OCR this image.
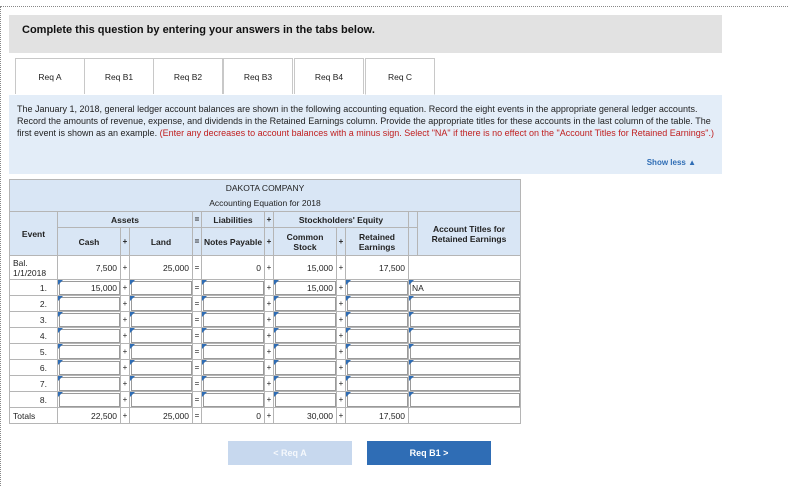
Complete this question by entering your answers in the tabs below.
Req A	Req B1	Req B2	Req B3	Req B4	Req C

The January 1, 2018, general ledger account balances are shown in the following accounting equation. Record the eight events in the appropriate general ledger accounts. Record the amounts of revenue, expense, and dividends in the Retained Earnings column. Provide the appropriate titles for these accounts in the last column of the table. The first event is shown as an example. (Enter any decreases to account balances with a minus sign. Select "NA" if there is no effect on the "Account Titles for Retained Earnings".)

Show less ▲
DAKOTA COMPANY											
Accounting Equation for 2018											
Event	Assets			=	Liabilities	+	Stockholders' Equity				Account Titles for Retained Earnings
	Cash	+	Land	=	Notes Payable	+	Common Stock	+	Retained Earnings		
Bal. 1/1/2018	7,500	+	25,000	=	0	+	15,000	+	17,500		
1.	15,000	+		=		+	15,000	+		NA	
2.		+		=		+		+			
3.		+		=		+		+			
4.		+		=		+		+			
5.		+		=		+		+			
6.		+		=		+		+			
7.		+		=		+		+			
8.		+		=		+		+			
Totals	22,500	+	25,000	=	0	+	30,000	+	17,500		
< Req A	Req B1 >
